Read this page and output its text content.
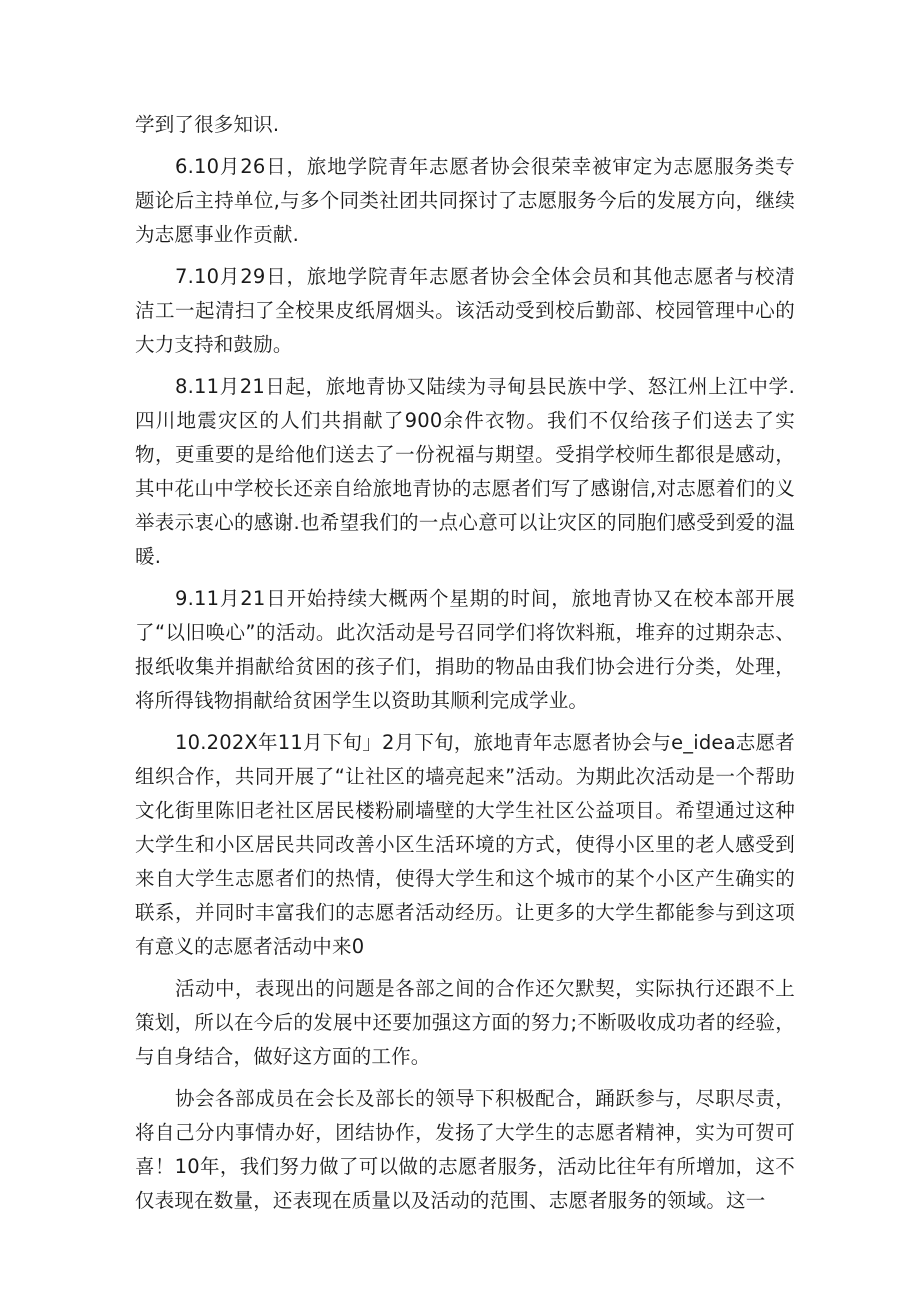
学到了很多知识.

6.10月26日，旅地学院青年志愿者协会很荣幸被审定为志愿服务类专题论后主持单位,与多个同类社团共同探讨了志愿服务今后的发展方向，继续为志愿事业作贡献.

7.10月29日，旅地学院青年志愿者协会全体会员和其他志愿者与校清洁工一起清扫了全校果皮纸屑烟头。该活动受到校后勤部、校园管理中心的大力支持和鼓励。

8.11月21日起，旅地青协又陆续为寻甸县民族中学、怒江州上江中学.四川地震灾区的人们共捐献了900余件衣物。我们不仅给孩子们送去了实物，更重要的是给他们送去了一份祝福与期望。受捐学校师生都很是感动，其中花山中学校长还亲自给旅地青协的志愿者们写了感谢信,对志愿着们的义举表示衷心的感谢.也希望我们的一点心意可以让灾区的同胞们感受到爱的温暖.

9.11月21日开始持续大概两个星期的时间，旅地青协又在校本部开展了“以旧唤心”的活动。此次活动是号召同学们将饮料瓶，堆弃的过期杂志、报纸收集并捐献给贫困的孩子们，捐助的物品由我们协会进行分类，处理，将所得钱物捐献给贫困学生以资助其顺利完成学业。

10.202X年11月下旬」2月下旬，旅地青年志愿者协会与e_idea志愿者组织合作，共同开展了“让社区的墙亮起来”活动。为期此次活动是一个帮助文化街里陈旧老社区居民楼粉刷墙壁的大学生社区公益项目。希望通过这种大学生和小区居民共同改善小区生活环境的方式，使得小区里的老人感受到来自大学生志愿者们的热情，使得大学生和这个城市的某个小区产生确实的联系，并同时丰富我们的志愿者活动经历。让更多的大学生都能参与到这项有意义的志愿者活动中来0

活动中，表现出的问题是各部之间的合作还欠默契，实际执行还跟不上策划，所以在今后的发展中还要加强这方面的努力;不断吸收成功者的经验，与自身结合，做好这方面的工作。

协会各部成员在会长及部长的领导下积极配合，踊跃参与，尽职尽责，将自己分内事情办好，团结协作，发扬了大学生的志愿者精神，实为可贺可喜！10年，我们努力做了可以做的志愿者服务，活动比往年有所增加，这不仅表现在数量，还表现在质量以及活动的范围、志愿者服务的领域。这一
